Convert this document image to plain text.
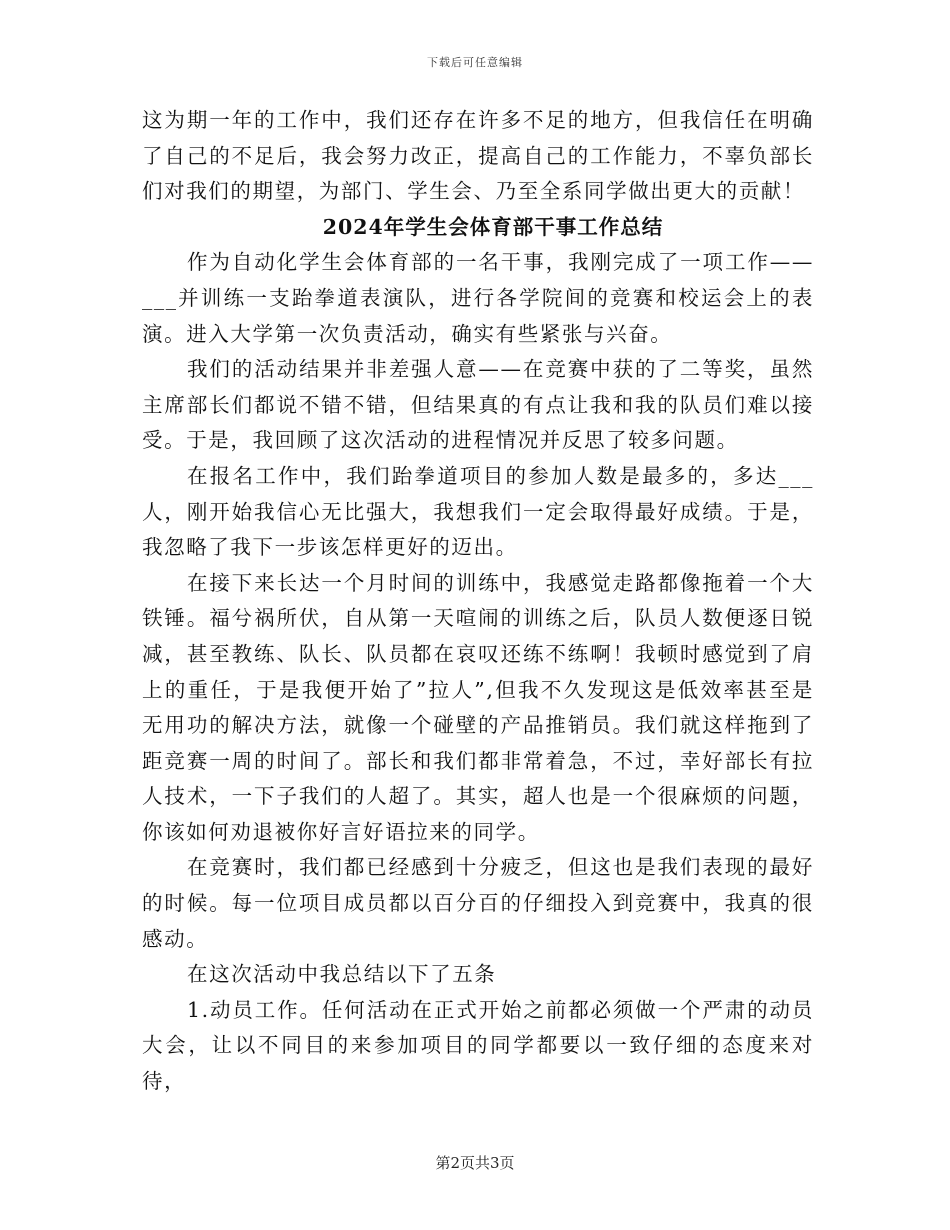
下载后可任意编辑

这为期一年的工作中，我们还存在许多不足的地方，但我信任在明确了自己的不足后，我会努力改正，提高自己的工作能力，不辜负部长们对我们的期望，为部门、学生会、乃至全系同学做出更大的贡献！

2024年学生会体育部干事工作总结

作为自动化学生会体育部的一名干事，我刚完成了一项工作——___并训练一支跆拳道表演队，进行各学院间的竞赛和校运会上的表演。进入大学第一次负责活动，确实有些紧张与兴奋。

我们的活动结果并非差强人意——在竞赛中获的了二等奖，虽然主席部长们都说不错不错，但结果真的有点让我和我的队员们难以接受。于是，我回顾了这次活动的进程情况并反思了较多问题。

在报名工作中，我们跆拳道项目的参加人数是最多的，多达___人，刚开始我信心无比强大，我想我们一定会取得最好成绩。于是，我忽略了我下一步该怎样更好的迈出。

在接下来长达一个月时间的训练中，我感觉走路都像拖着一个大铁锤。福兮祸所伏，自从第一天喧闹的训练之后，队员人数便逐日锐减，甚至教练、队长、队员都在哀叹还练不练啊！我顿时感觉到了肩上的重任，于是我便开始了”拉人”,但我不久发现这是低效率甚至是无用功的解决方法，就像一个碰壁的产品推销员。我们就这样拖到了距竞赛一周的时间了。部长和我们都非常着急，不过，幸好部长有拉人技术，一下子我们的人超了。其实，超人也是一个很麻烦的问题，你该如何劝退被你好言好语拉来的同学。

在竞赛时，我们都已经感到十分疲乏，但这也是我们表现的最好的时候。每一位项目成员都以百分百的仔细投入到竞赛中，我真的很感动。

在这次活动中我总结以下了五条

1.动员工作。任何活动在正式开始之前都必须做一个严肃的动员大会，让以不同目的来参加项目的同学都要以一致仔细的态度来对待，

第2页共3页
